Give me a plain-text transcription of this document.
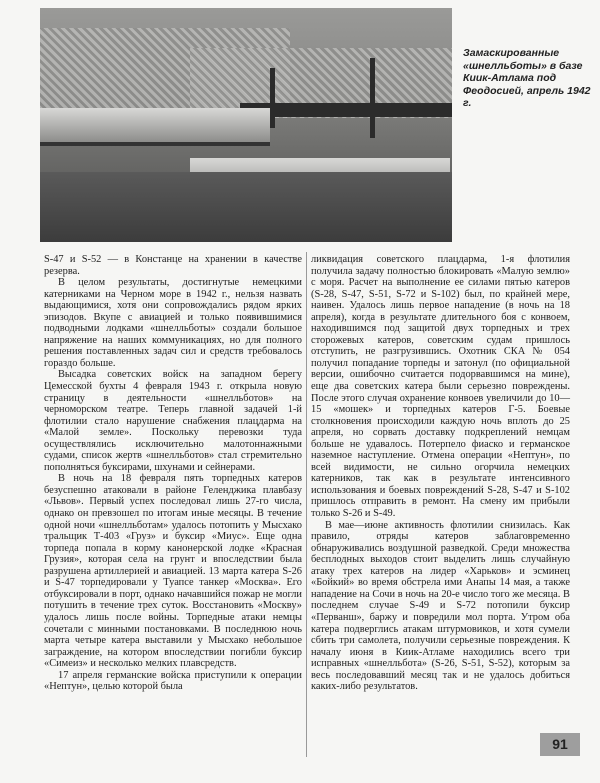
Замаскированные «шнелльботы» в базе Киик-Атлама под Феодосией, апрель 1942 г.

S-47 и S-52 — в Констанце на хранении в качестве резерва.

В целом результаты, достигнутые немецкими катерниками на Черном море в 1942 г., нельзя назвать выдающимися, хотя они сопровождались рядом ярких эпизодов. Вкупе с авиацией и только появившимися подводными лодками «шнелльботы» создали большое напряжение на наших коммуникациях, но для полного решения поставленных задач сил и средств требовалось гораздо больше.

Высадка советских войск на западном берегу Цемесской бухты 4 февраля 1943 г. открыла новую страницу в деятельности «шнелльботов» на черноморском театре. Теперь главной задачей 1-й флотилии стало нарушение снабжения плацдарма на «Малой земле». Поскольку перевозки туда осуществлялись исключительно малотоннажными судами, список жертв «шнелльботов» стал стремительно пополняться буксирами, шхунами и сейнерами.

В ночь на 18 февраля пять торпедных катеров безуспешно атаковали в районе Геленджика плавбазу «Львов». Первый успех последовал лишь 27-го числа, однако он превзошел по итогам иные месяцы. В течение одной ночи «шнелльботам» удалось потопить у Мысхако тральщик Т-403 «Груз» и буксир «Миус». Еще одна торпеда попала в корму канонерской лодке «Красная Грузия», которая села на грунт и впоследствии была разрушена артиллерией и авиацией. 13 марта катера S-26 и S-47 торпедировали у Туапсе танкер «Москва». Его отбуксировали в порт, однако начавшийся пожар не могли потушить в течение трех суток. Восстановить «Москву» удалось лишь после войны. Торпедные атаки немцы сочетали с минными постановками. В последнюю ночь марта четыре катера выставили у Мысхако небольшое заграждение, на котором впоследствии погибли буксир «Симеиз» и несколько мелких плавсредств.

17 апреля германские войска приступили к операции «Нептун», целью которой была

ликвидация советского плацдарма, 1-я флотилия получила задачу полностью блокировать «Малую землю» с моря. Расчет на выполнение ее силами пятью катеров (S-28, S-47, S-51, S-72 и S-102) был, по крайней мере, наивен. Удалось лишь первое нападение (в ночь на 18 апреля), когда в результате длительного боя с конвоем, находившимся под защитой двух торпедных и трех сторожевых катеров, советским судам пришлось отступить, не разгрузившись. Охотник СКА № 054 получил попадание торпеды и затонул (по официальной версии, ошибочно считается подорвавшимся на мине), еще два советских катера были серьезно повреждены. После этого случая охранение конвоев увеличили до 10—15 «мошек» и торпедных катеров Г-5. Боевые столкновения происходили каждую ночь вплоть до 25 апреля, но сорвать доставку подкреплений немцам больше не удавалось. Потерпело фиаско и германское наземное наступление. Отмена операции «Нептун», по всей видимости, не сильно огорчила немецких катерников, так как в результате интенсивного использования и боевых повреждений S-28, S-47 и S-102 пришлось отправить в ремонт. На смену им прибыли только S-26 и S-49.

В мае—июне активность флотилии снизилась. Как правило, отряды катеров заблаговременно обнаруживались воздушной разведкой. Среди множества бесплодных выходов стоит выделить лишь случайную атаку трех катеров на лидер «Харьков» и эсминец «Бойкий» во время обстрела ими Анапы 14 мая, а также нападение на Сочи в ночь на 20-е число того же месяца. В последнем случае S-49 и S-72 потопили буксир «Перванш», баржу и повредили мол порта. Утром оба катера подверглись атакам штурмовиков, и хотя сумели сбить три самолета, получили серьезные повреждения. К началу июня в Киик-Атламе находились всего три исправных «шнелльбота» (S-26, S-51, S-52), которым за весь последовавший месяц так и не удалось добиться каких-либо результатов.

91
